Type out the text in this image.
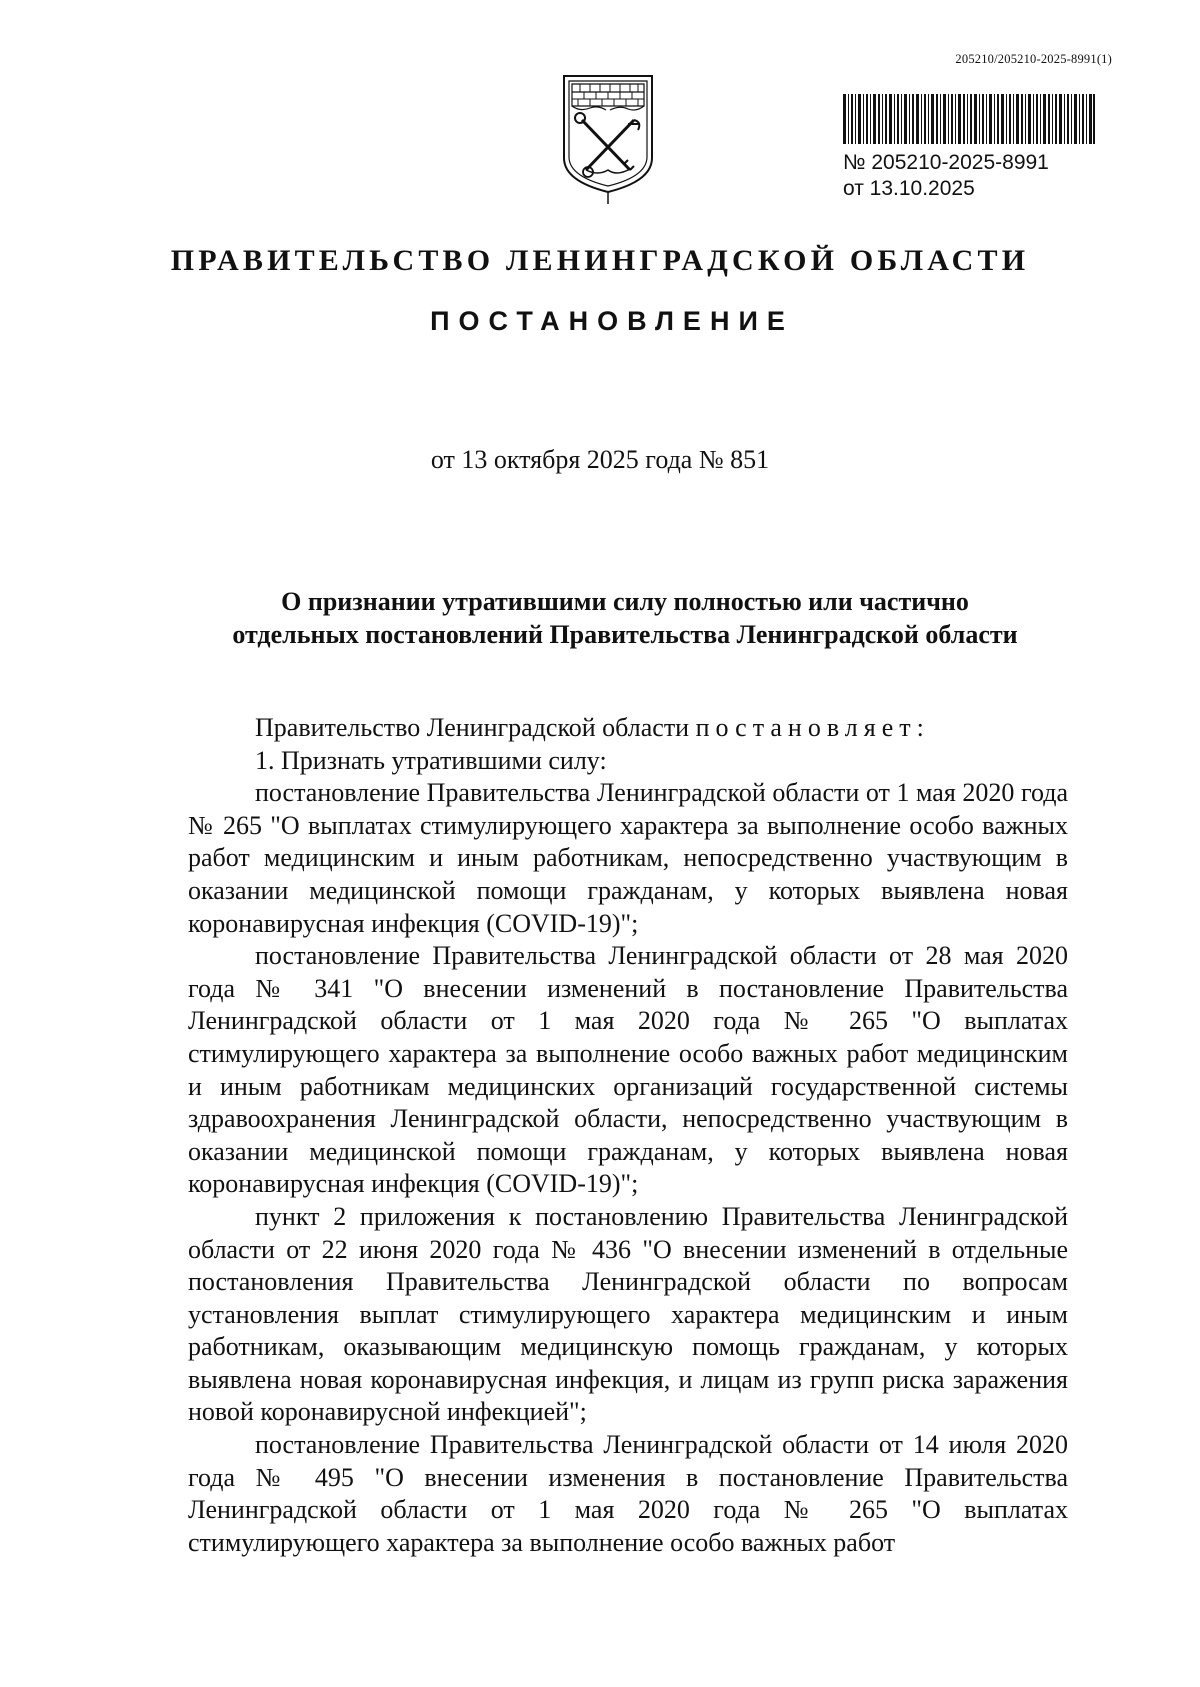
205210/205210-2025-8991(1)
№ 205210-2025-8991
от 13.10.2025
ПРАВИТЕЛЬСТВО ЛЕНИНГРАДСКОЙ ОБЛАСТИ
ПОСТАНОВЛЕНИЕ
от 13 октября 2025 года № 851
О признании утратившими силу полностью или частично
отдельных постановлений Правительства Ленинградской области

Правительство Ленинградской области постановляет:

1. Признать утратившими силу:

постановление Правительства Ленинградской области от 1 мая 2020 года № 265 "О выплатах стимулирующего характера за выполнение особо важных работ медицинским и иным работникам, непосредственно участвующим в оказании медицинской помощи гражданам, у которых выявлена новая коронавирусная инфекция (COVID-19)";

постановление Правительства Ленинградской области от 28 мая 2020 года № 341 "О внесении изменений в постановление Правительства Ленинградской области от 1 мая 2020 года № 265 "О выплатах стимулирующего характера за выполнение особо важных работ медицинским и иным работникам медицинских организаций государственной системы здравоохранения Ленинградской области, непосредственно участвующим в оказании медицинской помощи гражданам, у которых выявлена новая коронавирусная инфекция (COVID-19)";

пункт 2 приложения к постановлению Правительства Ленинградской области от 22 июня 2020 года № 436 "О внесении изменений в отдельные постановления Правительства Ленинградской области по вопросам установления выплат стимулирующего характера медицинским и иным работникам, оказывающим медицинскую помощь гражданам, у которых выявлена новая коронавирусная инфекция, и лицам из групп риска заражения новой коронавирусной инфекцией";

постановление Правительства Ленинградской области от 14 июля 2020 года № 495 "О внесении изменения в постановление Правительства Ленинградской области от 1 мая 2020 года № 265 "О выплатах стимулирующего характера за выполнение особо важных работ
